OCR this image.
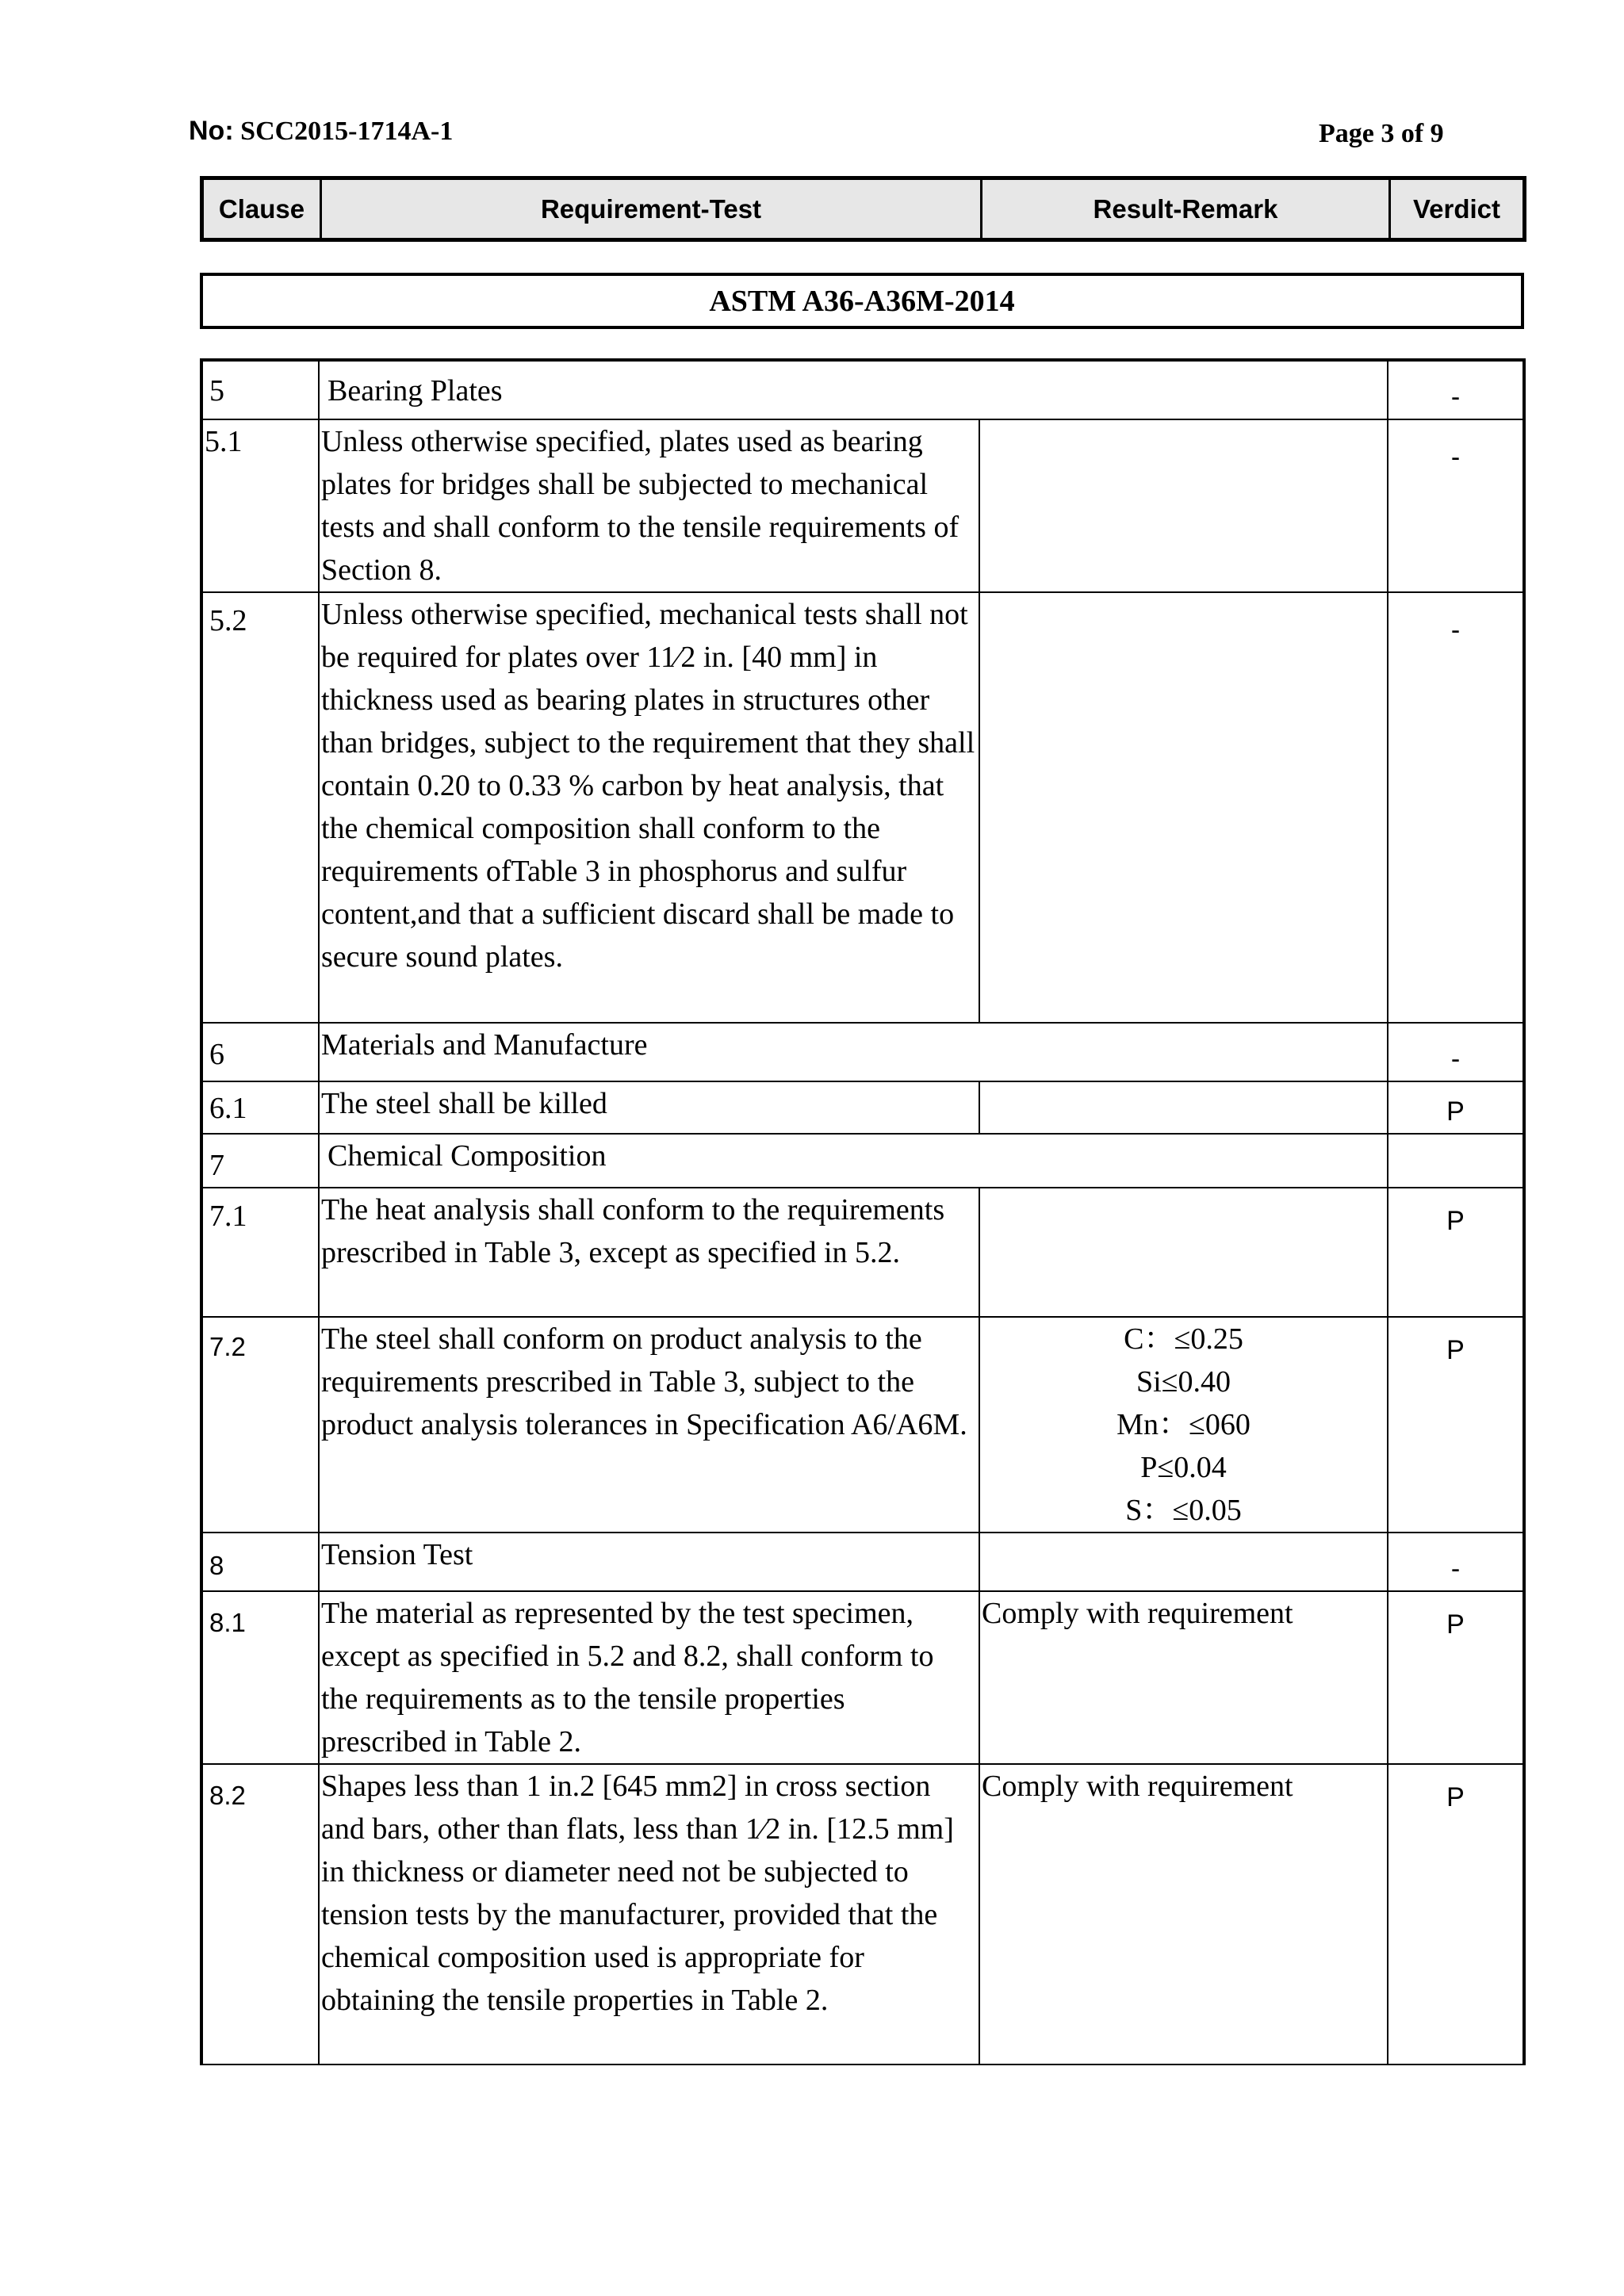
No: SCC2015-1714A-1	Page 3 of 9
Clause	Requirement-Test	Result-Remark	Verdict
ASTM A36-A36M-2014
5	Bearing Plates		-
5.1	Unless otherwise specified, plates used as bearing plates for bridges shall be subjected to mechanical tests and shall conform to the tensile requirements of Section 8.		-
5.2	Unless otherwise specified, mechanical tests shall not be required for plates over 11⁄2 in. [40 mm] in thickness used as bearing plates in structures other than bridges, subject to the requirement that they shall contain 0.20 to 0.33 % carbon by heat analysis, that the chemical composition shall conform to the requirements ofTable 3 in phosphorus and sulfur content,and that a sufficient discard shall be made to secure sound plates.		-
6	Materials and Manufacture		-
6.1	The steel shall be killed		P
7	Chemical Composition		
7.1	The heat analysis shall conform to the requirements prescribed in Table 3, except as specified in 5.2.		P
7.2	The steel shall conform on product analysis to the requirements prescribed in Table 3, subject to the product analysis tolerances in Specification A6/A6M.	C：≤0.25
Si≤0.40
Mn：≤060
P≤0.04
S：≤0.05	P
8	Tension Test		-
8.1	The material as represented by the test specimen, except as specified in 5.2 and 8.2, shall conform to the requirements as to the tensile properties prescribed in Table 2.	Comply with requirement	P
8.2	Shapes less than 1 in.2 [645 mm2] in cross section and bars, other than flats, less than 1⁄2 in. [12.5 mm] in thickness or diameter need not be subjected to tension tests by the manufacturer, provided that the chemical composition used is appropriate for obtaining the tensile properties in Table 2.	Comply with requirement	P
